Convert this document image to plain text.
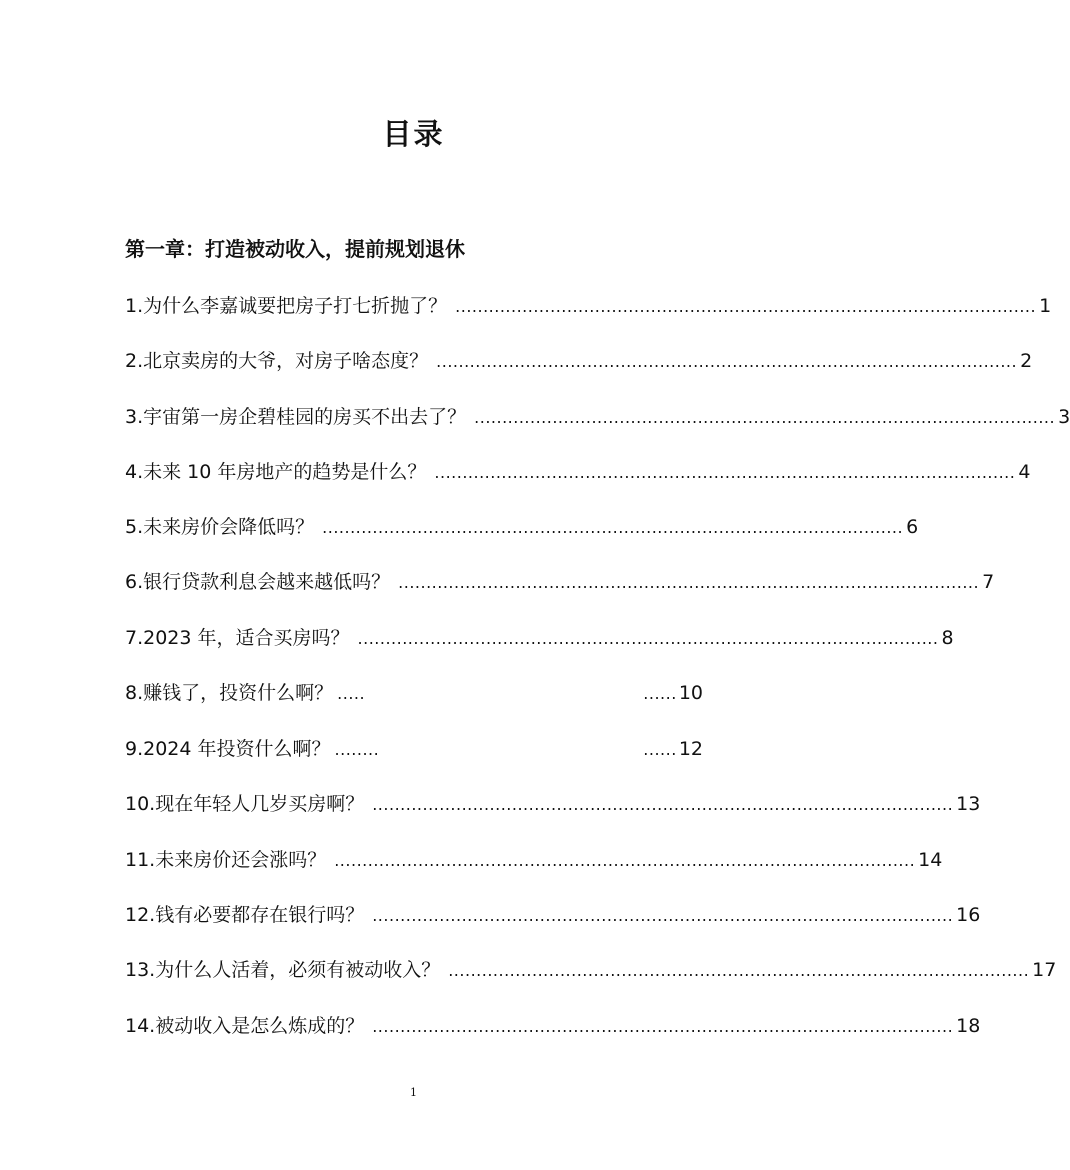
目录
第一章：打造被动收入，提前规划退休
1.为什么李嘉诚要把房子打七折抛了？ ........................................................................................................ 1
2.北京卖房的大爷，对房子啥态度？ ........................................................................................................ 2
3.宇宙第一房企碧桂园的房买不出去了？ ........................................................................................................ 3
4.未来 10 年房地产的趋势是什么？ ........................................................................................................ 4
5.未来房价会降低吗？ ........................................................................................................ 6
6.银行贷款利息会越来越低吗？ ........................................................................................................ 7
7.2023 年，适合买房吗？ ........................................................................................................ 8
8.赚钱了，投资什么啊？ .....	...... 10
9.2024 年投资什么啊？ ........	...... 12
10.现在年轻人几岁买房啊？ ........................................................................................................ 13
11.未来房价还会涨吗？ ........................................................................................................ 14
12.钱有必要都存在银行吗？ ........................................................................................................ 16
13.为什么人活着，必须有被动收入？ ........................................................................................................ 17
14.被动收入是怎么炼成的？ ........................................................................................................ 18
1
